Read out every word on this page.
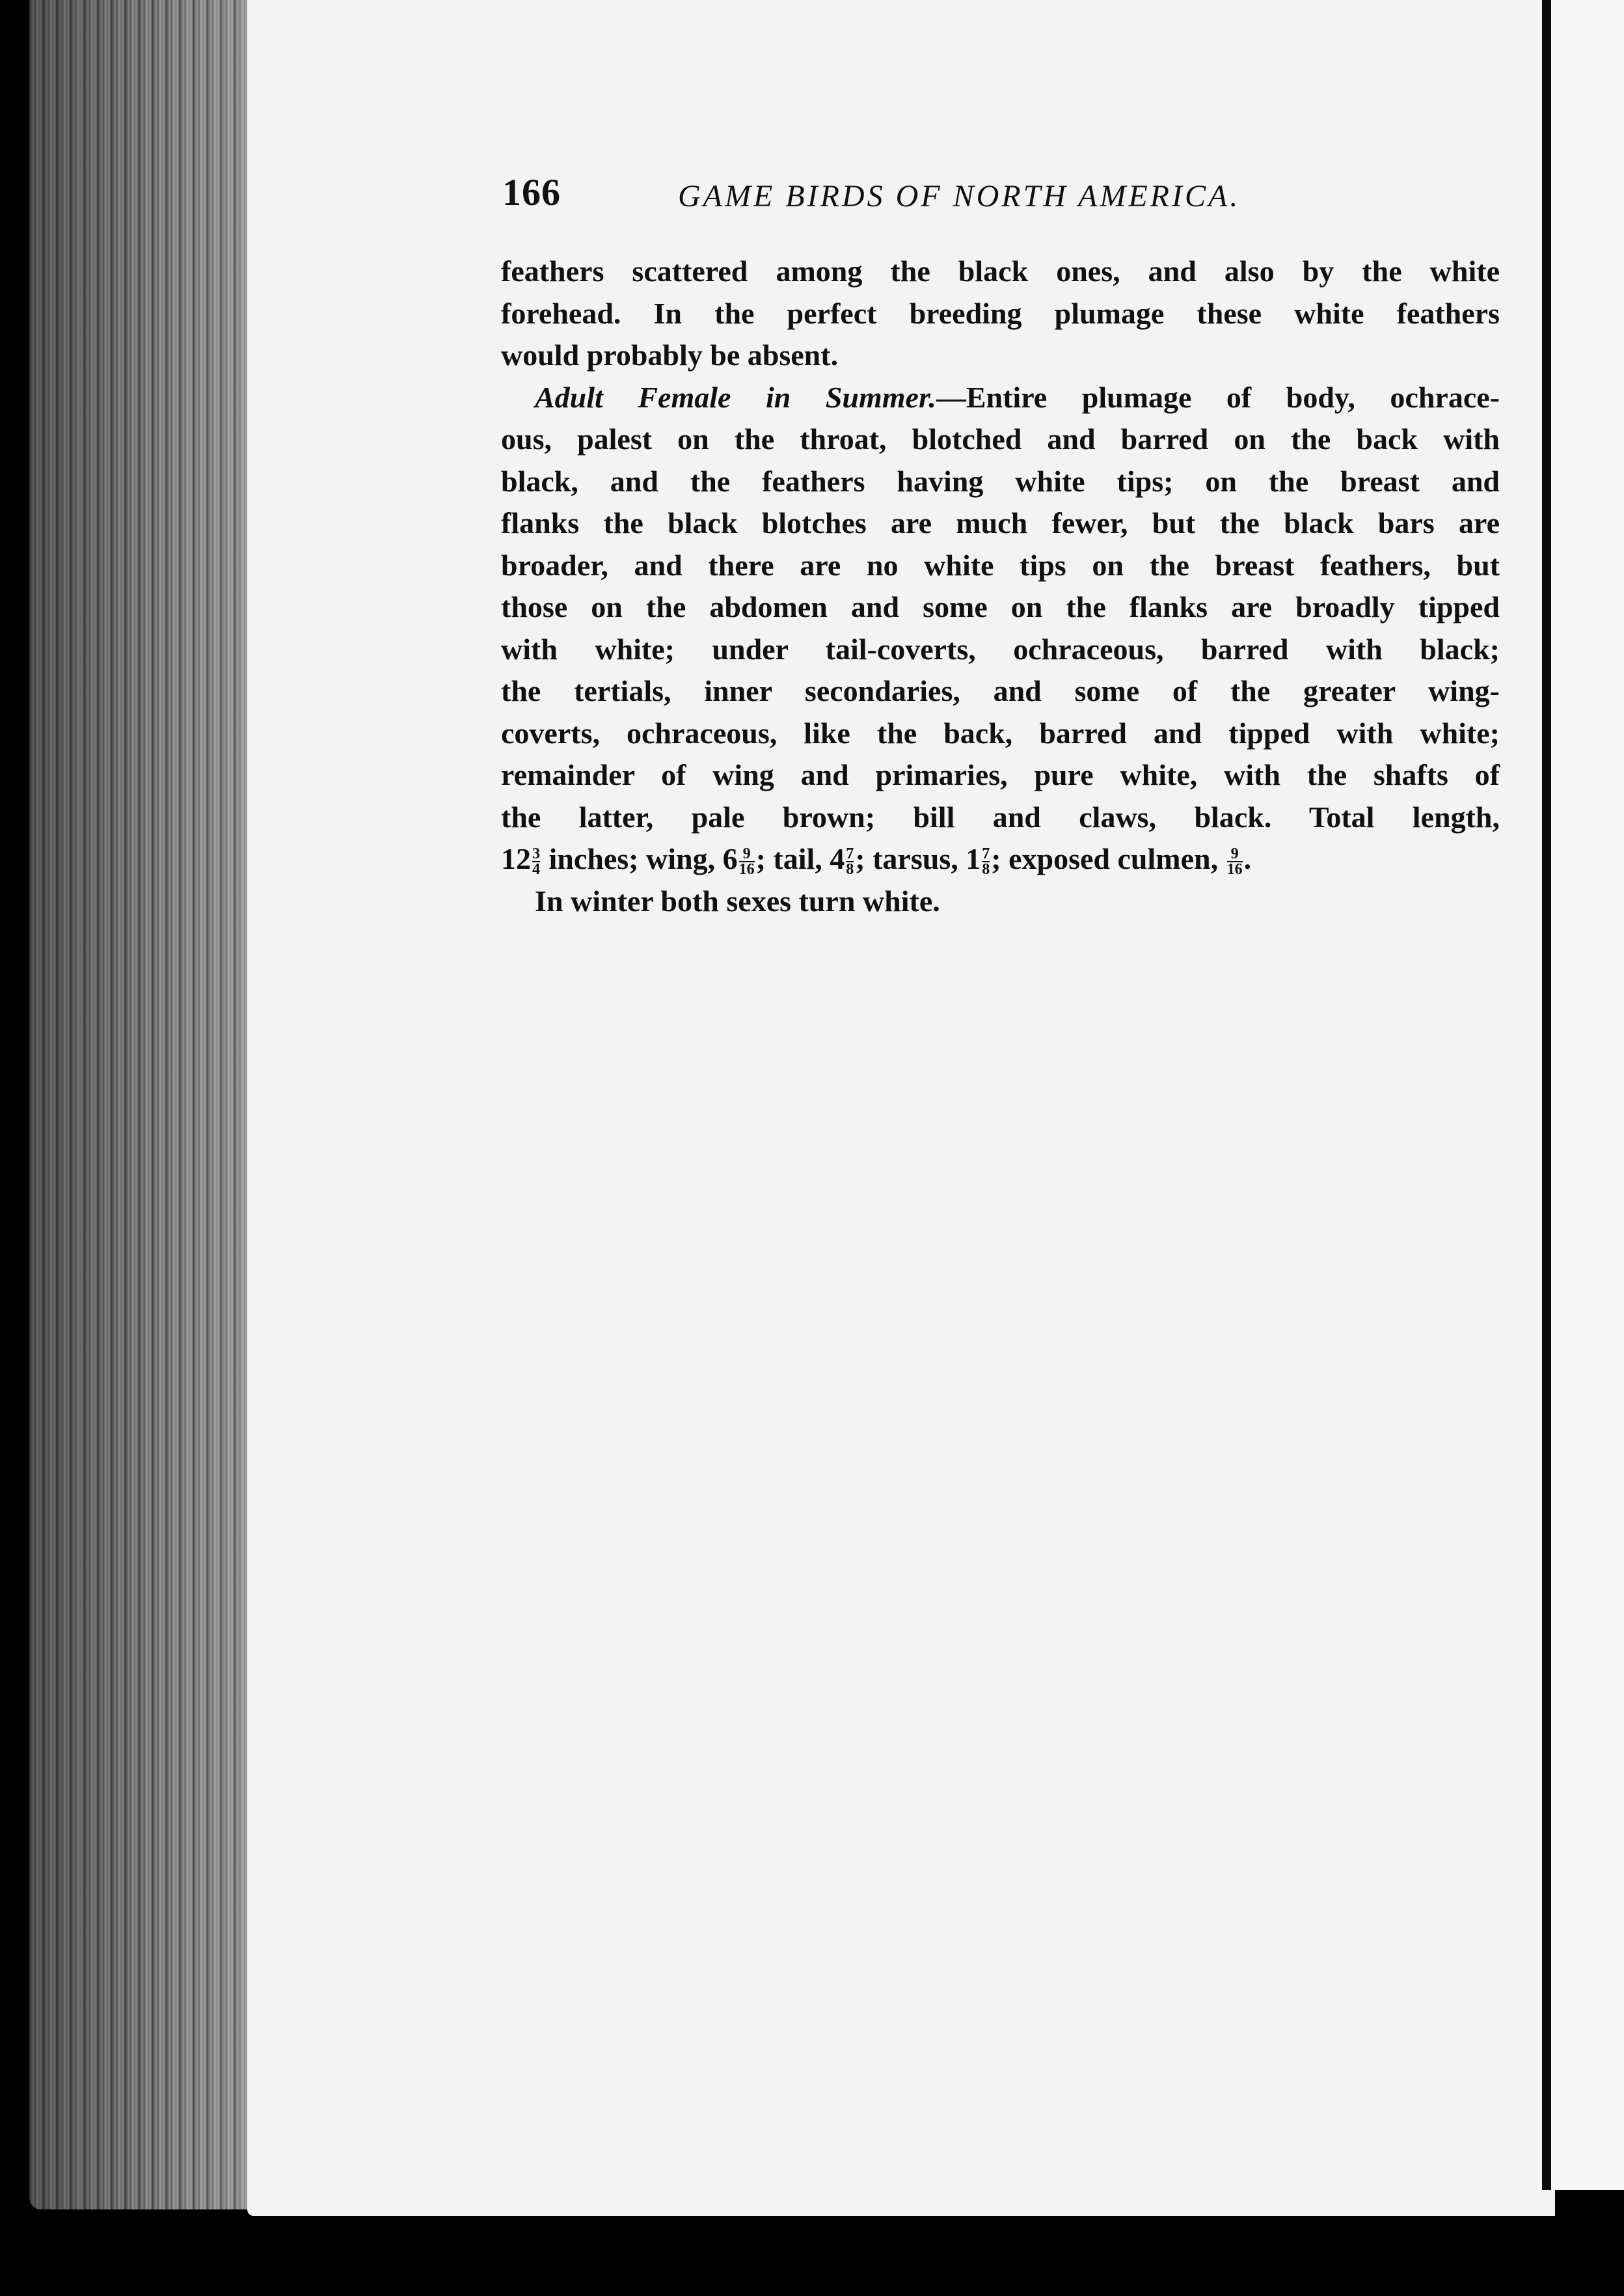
166	GAME BIRDS OF NORTH AMERICA.
feathers scattered among the black ones, and also by the white
forehead. In the perfect breeding plumage these white feathers
would probably be absent.
Adult Female in Summer.—Entire plumage of body, ochrace-
ous, palest on the throat, blotched and barred on the back with
black, and the feathers having white tips; on the breast and
flanks the black blotches are much fewer, but the black bars are
broader, and there are no white tips on the breast feathers, but
those on the abdomen and some on the flanks are broadly tipped
with white; under tail-coverts, ochraceous, barred with black;
the tertials, inner secondaries, and some of the greater wing-
coverts, ochraceous, like the back, barred and tipped with white;
remainder of wing and primaries, pure white, with the shafts of
the latter, pale brown; bill and claws, black. Total length,
$12 \frac{3}{4}$ inches; wing, $6 \frac{9}{16}$ ; tail, $4 \frac{7}{8}$ ; tarsus, $1 \frac{7}{8}$ ; exposed culmen, $\frac{9}{16}$ .
In winter both sexes turn white.
